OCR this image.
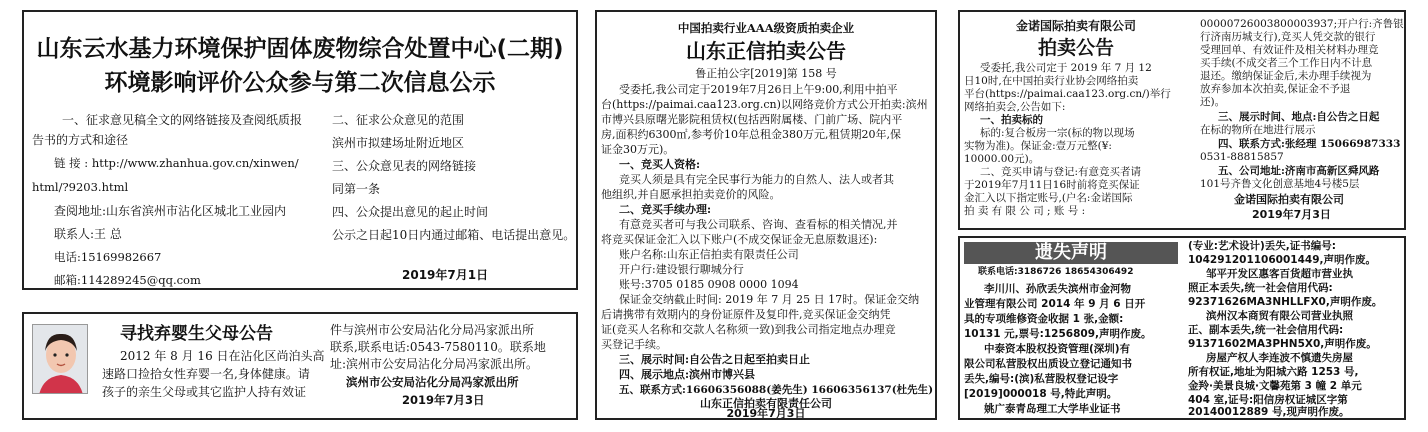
山东云水基力环境保护固体废物综合处置中心(二期)
环境影响评价公众参与第二次信息公示
一、征求意见稿全文的网络链接及查阅纸质报
告书的方式和途径
链 接 : http://www.zhanhua.gov.cn/xinwen/
html/?9203.html
查阅地址:山东省滨州市沾化区城北工业园内
联系人:王 总
电话:15169982667
邮箱:114289245@qq.com
二、征求公众意见的范围
滨州市拟建场址附近地区
三、公众意见表的网络链接
同第一条
四、公众提出意见的起止时间
公示之日起10日内通过邮箱、电话提出意见。
2019年7月1日
寻找弃婴生父母公告
2012 年 8 月 16 日在沾化区尚泊头高
速路口捡拾女性弃婴一名,身体健康。请
孩子的亲生父母或其它监护人持有效证
件与滨州市公安局沾化分局冯家派出所
联系,联系电话:0543-7580110。联系地
址:滨州市公安局沾化分局冯家派出所。
滨州市公安局沾化分局冯家派出所
2019年7月3日
中国拍卖行业AAA级资质拍卖企业
山东正信拍卖公告
鲁正拍公字[2019]第 158 号
受委托,我公司定于2019年7月26日上午9:00,利用中拍平
台(https://paimai.caa123.org.cn)以网络竞价方式公开拍卖:滨州
市博兴县原曙光影院租赁权(包括西附属楼、门前广场、院内平
房,面积约6300㎡,参考价10年总租金380万元,租赁期20年,保
证金30万元)。
一、竞买人资格:
竞买人须是具有完全民事行为能力的自然人、法人或者其
他组织,并自愿承担拍卖竞价的风险。
二、竞买手续办理:
有意竞买者可与我公司联系、咨询、查看标的相关情况,并
将竞买保证金汇入以下账户(不成交保证金无息原数退还):
账户名称:山东正信拍卖有限责任公司
开户行:建设银行聊城分行
账号:3705 0185 0908 0000 1094
保证金交纳截止时间: 2019 年 7 月 25 日 17时。保证金交纳
后请携带有效期内的身份证原件及复印件,竞买保证金交纳凭
证(竞买人名称和交款人名称须一致)到我公司指定地点办理竞
买登记手续。
三、展示时间:自公告之日起至拍卖日止
四、展示地点:滨州市博兴县
五、联系方式:16606356088(姜先生) 16606356137(杜先生)
山东正信拍卖有限责任公司
2019年7月3日
金诺国际拍卖有限公司
拍卖公告
受委托,我公司定于 2019 年 7 月 12
日10时,在中国拍卖行业协会网络拍卖
平台(https://paimai.caa123.org.cn/)举行
网络拍卖会,公告如下:
一、拍卖标的
标的:复合板房一宗(标的物以现场
实物为准)。保证金:壹万元整(¥:
10000.00元)。
二、竞买申请与登记:有意竞买者请
于2019年7月11日16时前将竞买保证
金汇入以下指定账号,(户名:金诺国际
拍 卖 有 限 公 司 ; 账 号 :
000007260038000039​37;开户行:齐鲁银
行济南历城支行),竞买人凭交款的银行
受理回单、有效证件及相关材料办理竞
买手续(不成交者三个工作日内不计息
退还。缴纳保证金后,未办理手续视为
放弃参加本次拍卖,保证金不予退
还)。
三、展示时间、地点:自公告之日起
在标的物所在地进行展示
四、联系方式:张经理 15066987333
0531-88815857
五、公司地址:济南市高新区舜风路
101号齐鲁文化创意基地4号楼5层
金诺国际拍卖有限公司
2019年7月3日
遗失声明
联系电话:3186726 18654306492
李川川、孙欣丢失滨州市金河物
业管理有限公司 2014 年 9 月 6 日开
具的专项维修资金收据 1 张,金额:
10131 元,票号:1256809,声明作废。
中泰资本股权投资管理(深圳)有
限公司私营股权出质设立登记通知书
丢失,编号:(滨)私营股权登记设字
[2019]000018 号,特此声明。
姚广泰青岛理工大学毕业证书
(专业:艺术设计)丢失,证书编号:
104291201106001449,声明作废。
邹平开发区惠客百货超市营业执
照正本丢失,统一社会信用代码:
92371626MA3NHLLFX0,声明作废。
滨州汉本商贸有限公司营业执照
正、副本丢失,统一社会信用代码:
91371602MA3PHN5X0,声明作废。
房屋产权人李连波不慎遗失房屋
所有权证,地址为阳城六路 1253 号,
金羚·美景良城·文馨苑第 3 幢 2 单元
404 室,证号:阳信房权证城区字第
20140012889 号,现声明作废。
